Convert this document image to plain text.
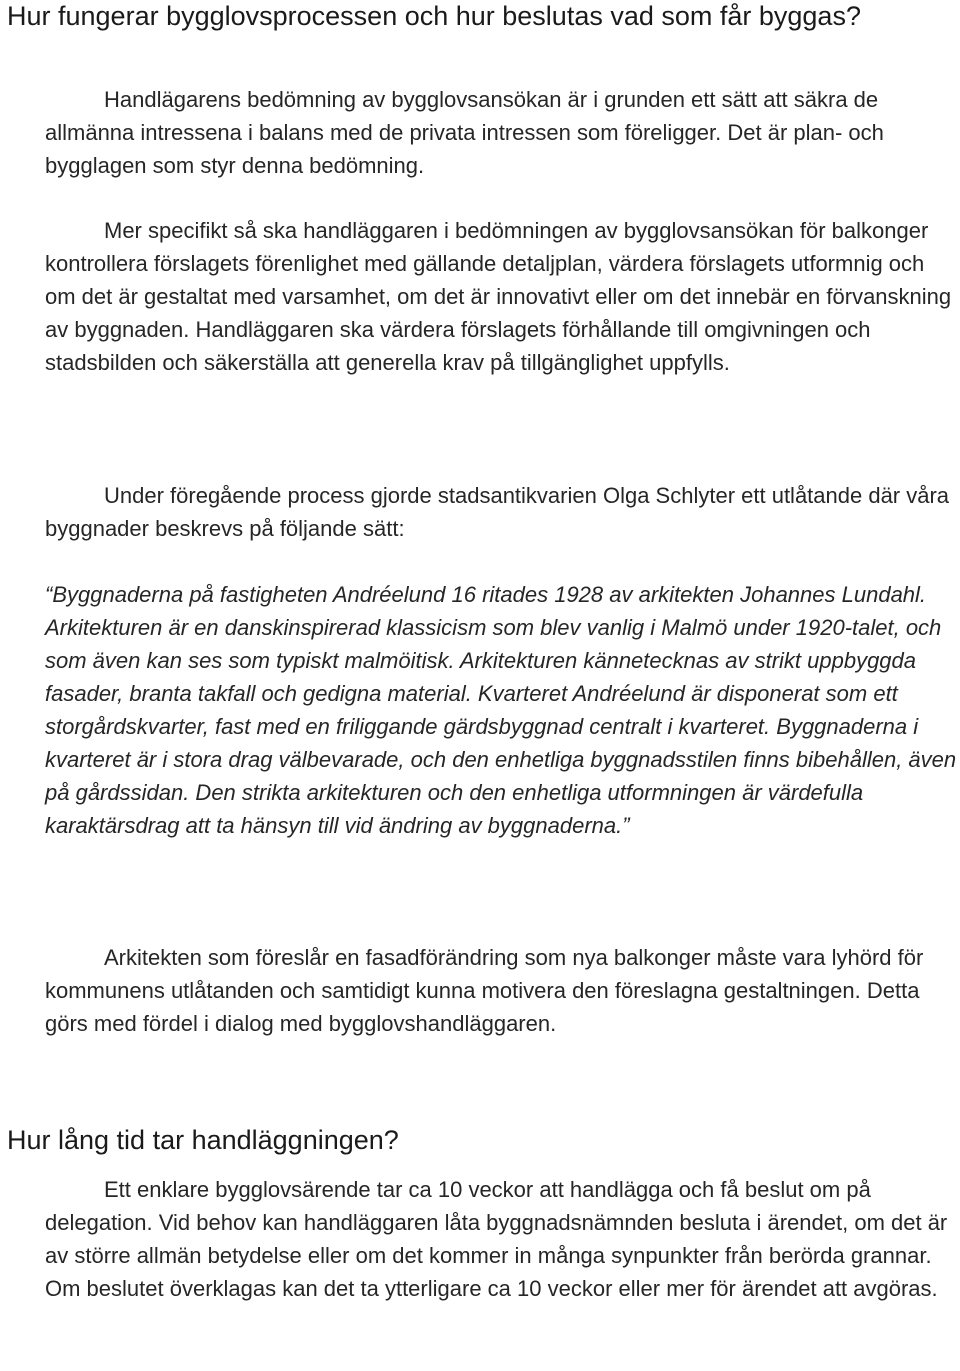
Hur fungerar bygglovsprocessen och hur beslutas vad som får byggas?

Handlägarens bedömning av bygglovsansökan är i grunden ett sätt att säkra de allmänna intressena i balans med de privata intressen som föreligger. Det är plan- och bygglagen som styr denna bedömning.

Mer specifikt så ska handläggaren i bedömningen av bygglovsansökan för balkonger kontrollera förslagets förenlighet med gällande detaljplan, värdera förslagets utformnig och om det är gestaltat med varsamhet, om det är innovativt eller om det innebär en förvanskning av byggnaden. Handläggaren ska värdera förslagets förhållande till omgivningen och stadsbilden och säkerställa att generella krav på tillgänglighet uppfylls.

Under föregående process gjorde stadsantikvarien Olga Schlyter ett utlåtande där våra byggnader beskrevs på följande sätt:

“Byggnaderna på fastigheten Andréelund 16 ritades 1928 av arkitekten Johannes Lundahl. Arkitekturen är en danskinspirerad klassicism som blev vanlig i Malmö under 1920-talet, och som även kan ses som typiskt malmöitisk. Arkitekturen kännetecknas av strikt uppbyggda fasader, branta takfall och gedigna material. Kvarteret Andréelund är disponerat som ett storgårdskvarter, fast med en friliggande gärdsbyggnad centralt i kvarteret. Byggnaderna i kvarteret är i stora drag välbevarade, och den enhetliga byggnadsstilen finns bibehållen, även på gårdssidan. Den strikta arkitekturen och den enhetliga utformningen är värdefulla karaktärsdrag att ta hänsyn till vid ändring av byggnaderna.”

Arkitekten som föreslår en fasadförändring som nya balkonger måste vara lyhörd för kommunens utlåtanden och samtidigt kunna motivera den föreslagna gestaltningen. Detta görs med fördel i dialog med bygglovshandläggaren.

Hur lång tid tar handläggningen?

Ett enklare bygglovsärende tar ca 10 veckor att handlägga och få beslut om på delegation. Vid behov kan handläggaren låta byggnadsnämnden besluta i ärendet, om det är av större allmän betydelse eller om det kommer in många synpunkter från berörda grannar. Om beslutet överklagas kan det ta ytterligare ca 10 veckor eller mer för ärendet att avgöras.
